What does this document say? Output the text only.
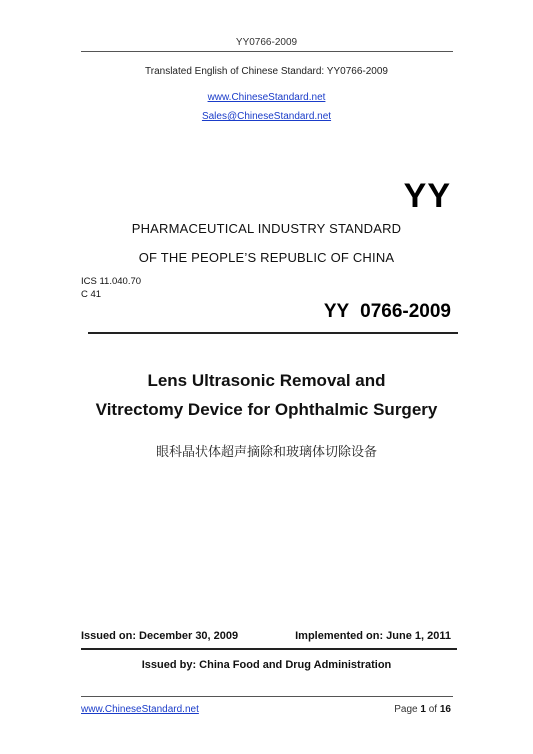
YY0766-2009
Translated English of Chinese Standard: YY0766-2009
www.ChineseStandard.net
Sales@ChineseStandard.net
YY
PHARMACEUTICAL INDUSTRY STANDARD
OF THE PEOPLE’S REPUBLIC OF CHINA
ICS 11.040.70
C 41
YY 0766-2009
Lens Ultrasonic Removal and
Vitrectomy Device for Ophthalmic Surgery
眼科晶状体超声摘除和玻璃体切除设备
Issued on: December 30, 2009	Implemented on: June 1, 2011
Issued by: China Food and Drug Administration
www.ChineseStandard.net	Page 1 of 16
